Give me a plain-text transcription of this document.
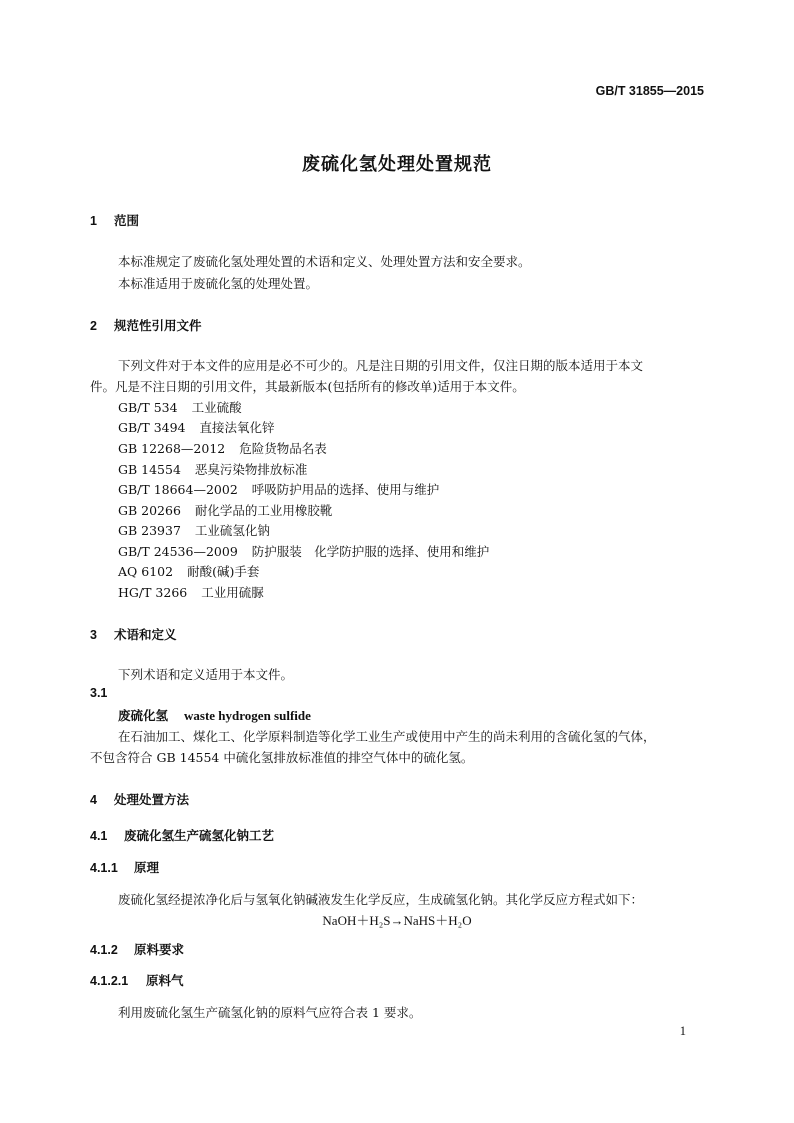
GB/T 31855—2015
废硫化氢处理处置规范
1 范围
本标准规定了废硫化氢处理处置的术语和定义、处理处置方法和安全要求。
本标准适用于废硫化氢的处理处置。
2 规范性引用文件
下列文件对于本文件的应用是必不可少的。凡是注日期的引用文件，仅注日期的版本适用于本文
件。凡是不注日期的引用文件，其最新版本(包括所有的修改单)适用于本文件。
GB/T 534 工业硫酸
GB/T 3494 直接法氧化锌
GB 12268—2012 危险货物品名表
GB 14554 恶臭污染物排放标准
GB/T 18664—2002 呼吸防护用品的选择、使用与维护
GB 20266 耐化学品的工业用橡胶靴
GB 23937 工业硫氢化钠
GB/T 24536—2009 防护服装　化学防护服的选择、使用和维护
AQ 6102 耐酸(碱)手套
HG/T 3266 工业用硫脲
3 术语和定义
下列术语和定义适用于本文件。
3.1
废硫化氢 waste hydrogen sulfide
在石油加工、煤化工、化学原料制造等化学工业生产或使用中产生的尚未利用的含硫化氢的气体，
不包含符合 GB 14554 中硫化氢排放标准值的排空气体中的硫化氢。
4 处理处置方法
4.1 废硫化氢生产硫氢化钠工艺
4.1.1 原理
废硫化氢经提浓净化后与氢氧化钠碱液发生化学反应，生成硫氢化钠。其化学反应方程式如下：
NaOH＋H₂S→NaHS＋H₂O
4.1.2 原料要求
4.1.2.1 原料气
利用废硫化氢生产硫氢化钠的原料气应符合表 1 要求。
1
